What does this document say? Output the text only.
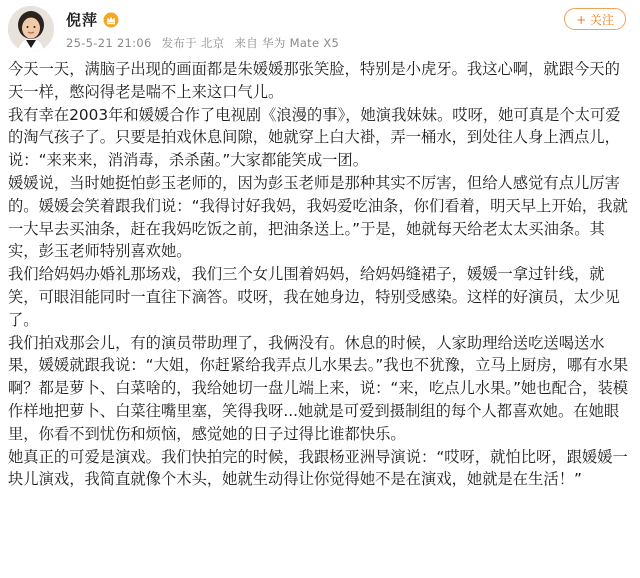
倪萍
25-5-21 21:06 发布于 北京 来自 华为 Mate X5
+ 关注

今天一天，满脑子出现的画面都是朱媛媛那张笑脸，特别是小虎牙。我这心啊，就跟今天的天一样，憋闷得老是喘不上来这口气儿。

我有幸在2003年和媛媛合作了电视剧《浪漫的事》，她演我妹妹。哎呀，她可真是个太可爱的淘气孩子了。只要是拍戏休息间隙，她就穿上白大褂，弄一桶水，到处往人身上洒点儿，说：“来来来，消消毒，杀杀菌。”大家都能笑成一团。

媛媛说，当时她挺怕彭玉老师的，因为彭玉老师是那种其实不厉害，但给人感觉有点儿厉害的。媛媛会笑着跟我们说：“我得讨好我妈，我妈爱吃油条，你们看着，明天早上开始，我就一大早去买油条，赶在我妈吃饭之前，把油条送上。”于是，她就每天给老太太买油条。其实，彭玉老师特别喜欢她。

我们给妈妈办婚礼那场戏，我们三个女儿围着妈妈，给妈妈缝裙子，媛媛一拿过针线，就笑，可眼泪能同时一直往下滴答。哎呀，我在她身边，特别受感染。这样的好演员，太少见了。

我们拍戏那会儿，有的演员带助理了，我俩没有。休息的时候，人家助理给送吃送喝送水果，媛媛就跟我说：“大姐，你赶紧给我弄点儿水果去。”我也不犹豫，立马上厨房，哪有水果啊？都是萝卜、白菜啥的，我给她切一盘儿端上来，说：“来，吃点儿水果。”她也配合，装模作样地把萝卜、白菜往嘴里塞，笑得我呀...她就是可爱到摄制组的每个人都喜欢她。在她眼里，你看不到忧伤和烦恼，感觉她的日子过得比谁都快乐。

她真正的可爱是演戏。我们快拍完的时候，我跟杨亚洲导演说：“哎呀，就怕比呀，跟媛媛一块儿演戏，我简直就像个木头，她就生动得让你觉得她不是在演戏，她就是在生活！”
